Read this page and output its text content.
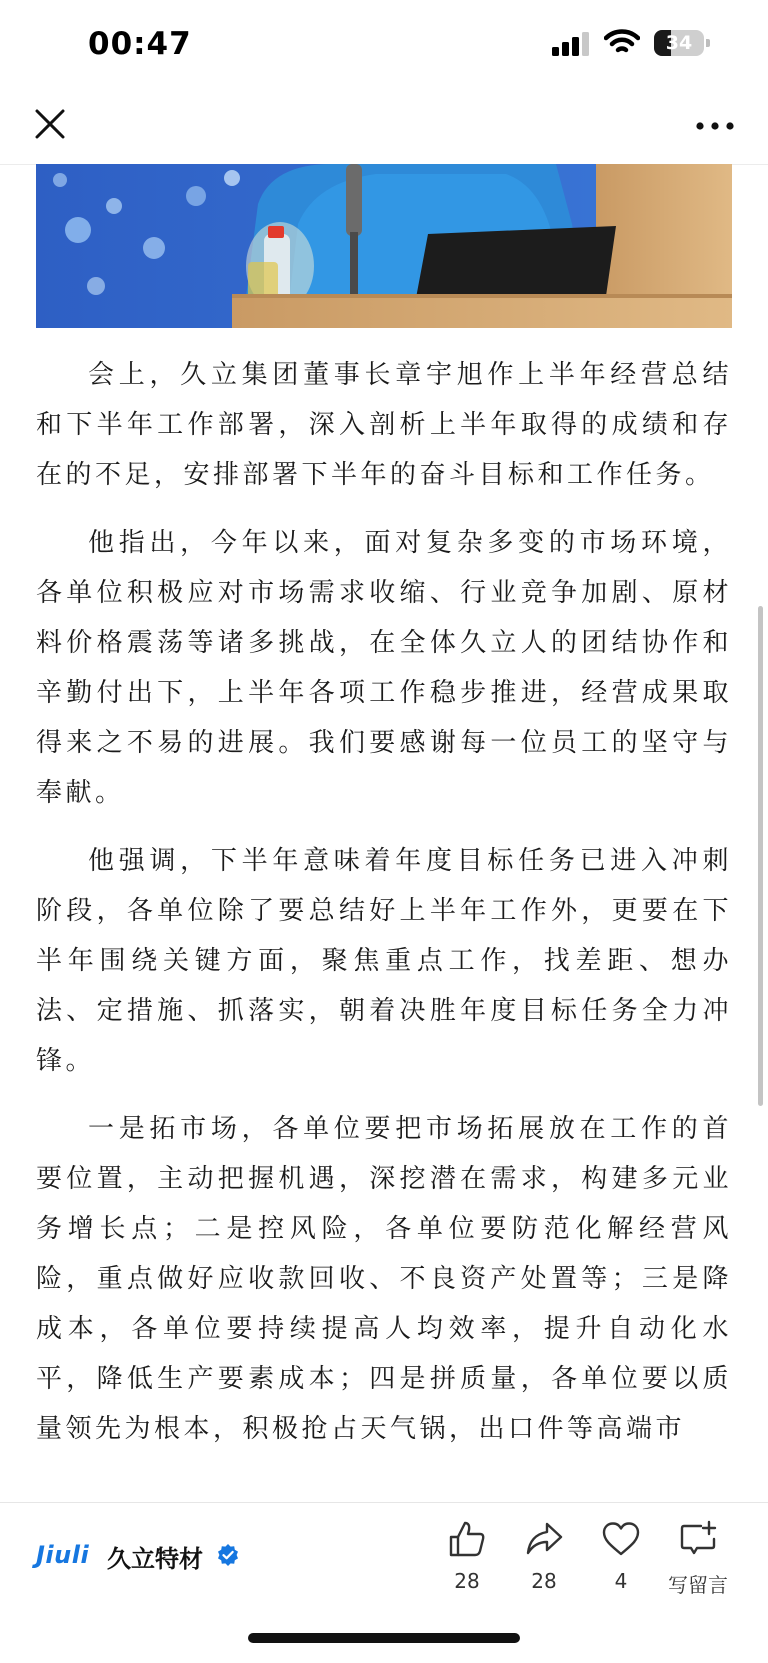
00:47	34

会上，久立集团董事长章宇旭作上半年经营总结和下半年工作部署，深入剖析上半年取得的成绩和存在的不足，安排部署下半年的奋斗目标和工作任务。

他指出，今年以来，面对复杂多变的市场环境，各单位积极应对市场需求收缩、行业竞争加剧、原材料价格震荡等诸多挑战，在全体久立人的团结协作和辛勤付出下，上半年各项工作稳步推进，经营成果取得来之不易的进展。我们要感谢每一位员工的坚守与奉献。

他强调，下半年意味着年度目标任务已进入冲刺阶段，各单位除了要总结好上半年工作外，更要在下半年围绕关键方面，聚焦重点工作，找差距、想办法、定措施、抓落实，朝着决胜年度目标任务全力冲锋。

一是拓市场，各单位要把市场拓展放在工作的首要位置，主动把握机遇，深挖潜在需求，构建多元业务增长点；二是控风险，各单位要防范化解经营风险，重点做好应收款回收、不良资产处置等；三是降成本，各单位要持续提高人均效率，提升自动化水平，降低生产要素成本；四是拼质量，各单位要以质量领先为根本，积极抢占天气锅，出口件等高端市

Jiuli 久立特材
28	28	4	写留言
